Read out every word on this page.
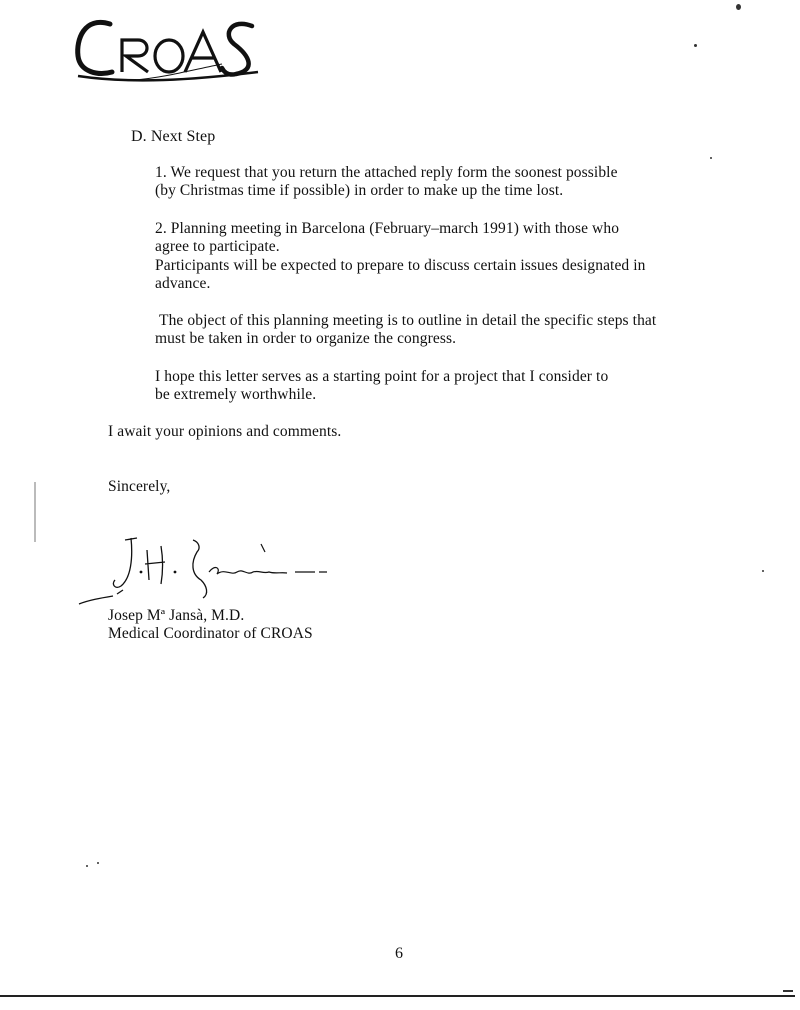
D. Next Step
1. We request that you return the attached reply form the soonest possible
(by Christmas time if possible) in order to make up the time lost.
2. Planning meeting in Barcelona (February–march 1991) with those who
agree to participate.
Participants will be expected to prepare to discuss certain issues designated in
advance.
The object of this planning meeting is to outline in detail the specific steps that
must be taken in order to organize the congress.
I hope this letter serves as a starting point for a project that I consider to
be extremely worthwhile.
I await your opinions and comments.
Sincerely,
Josep Mª Jansà, M.D.
Medical Coordinator of CROAS
6
